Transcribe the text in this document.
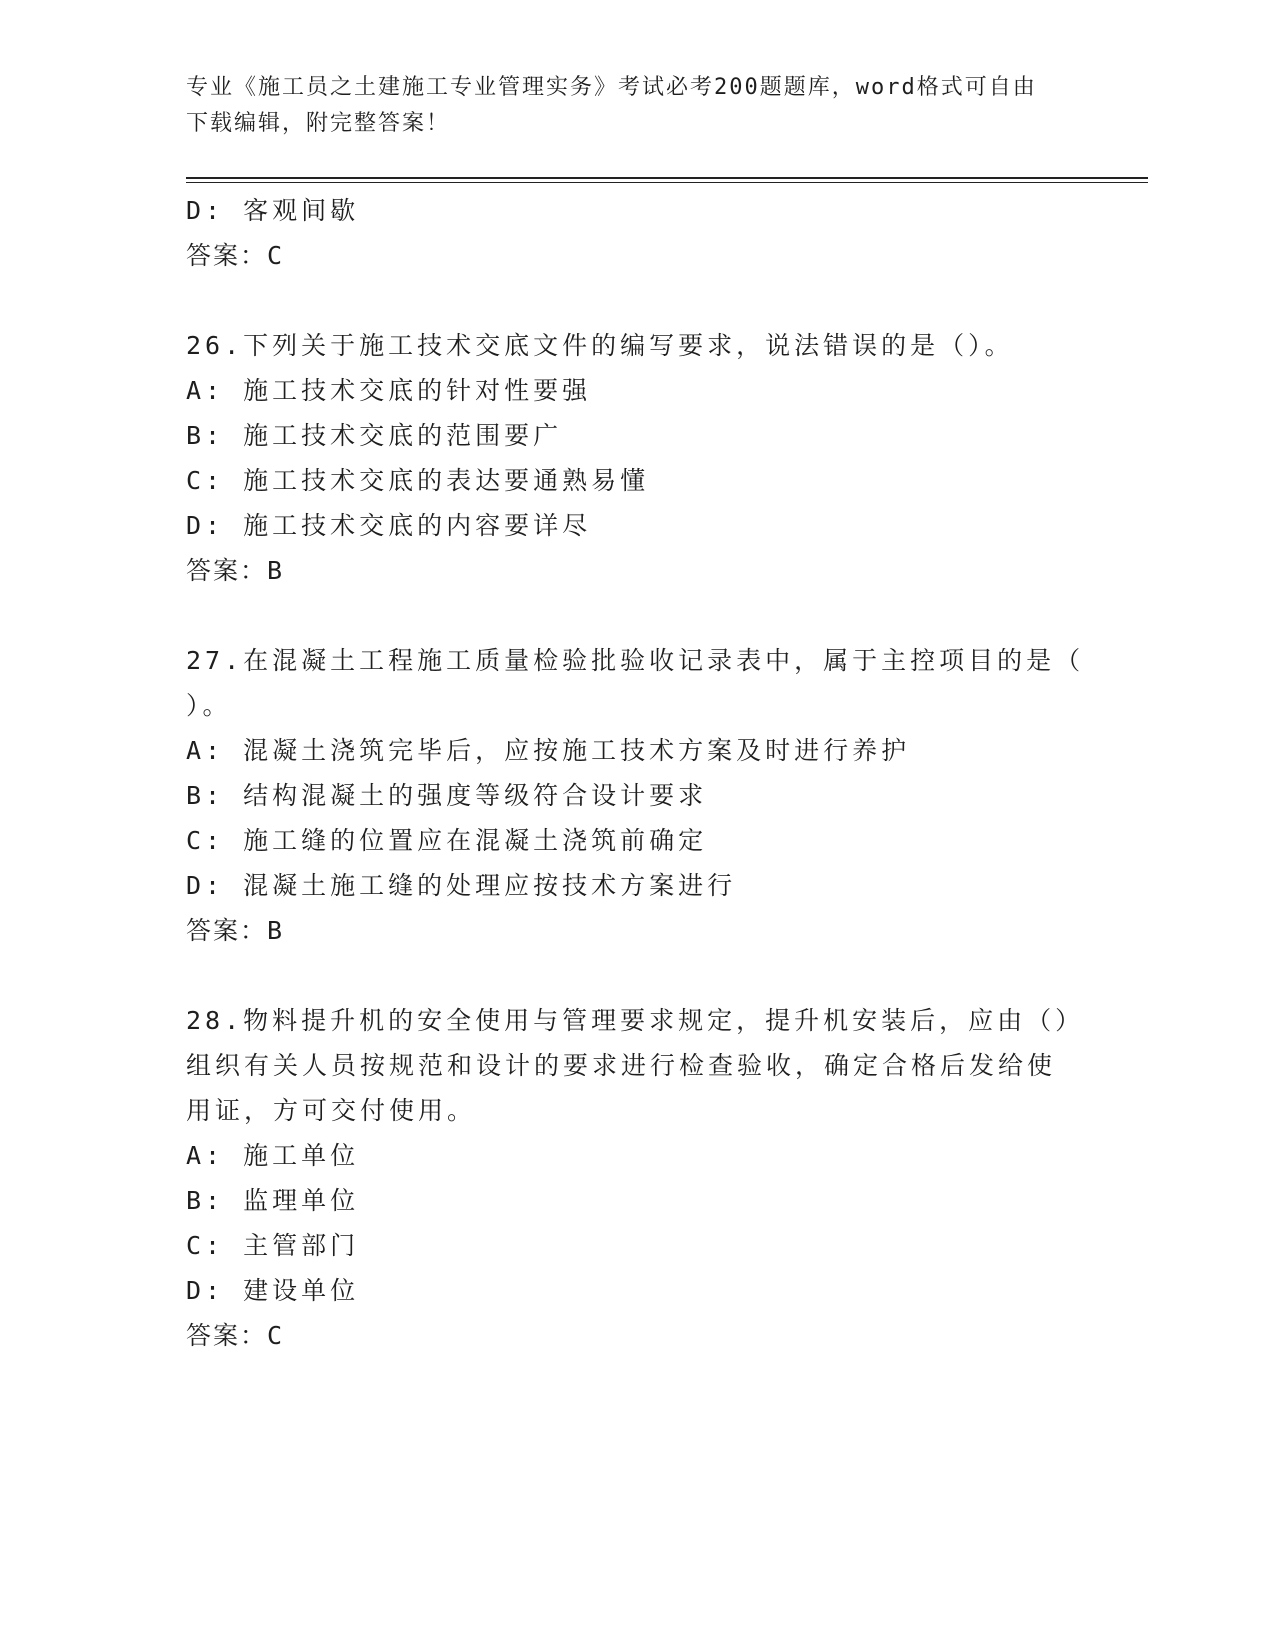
专业《施工员之土建施工专业管理实务》考试必考200题题库，word格式可自由
下载编辑，附完整答案！

D: 客观间歇

答案：C

26.下列关于施工技术交底文件的编写要求，说法错误的是（）。

A: 施工技术交底的针对性要强

B: 施工技术交底的范围要广

C: 施工技术交底的表达要通熟易懂

D: 施工技术交底的内容要详尽

答案：B

27.在混凝土工程施工质量检验批验收记录表中，属于主控项目的是（

）。

A: 混凝土浇筑完毕后，应按施工技术方案及时进行养护

B: 结构混凝土的强度等级符合设计要求

C: 施工缝的位置应在混凝土浇筑前确定

D: 混凝土施工缝的处理应按技术方案进行

答案：B

28.物料提升机的安全使用与管理要求规定，提升机安装后，应由（）

组织有关人员按规范和设计的要求进行检查验收，确定合格后发给使

用证，方可交付使用。

A: 施工单位

B: 监理单位

C: 主管部门

D: 建设单位

答案：C
